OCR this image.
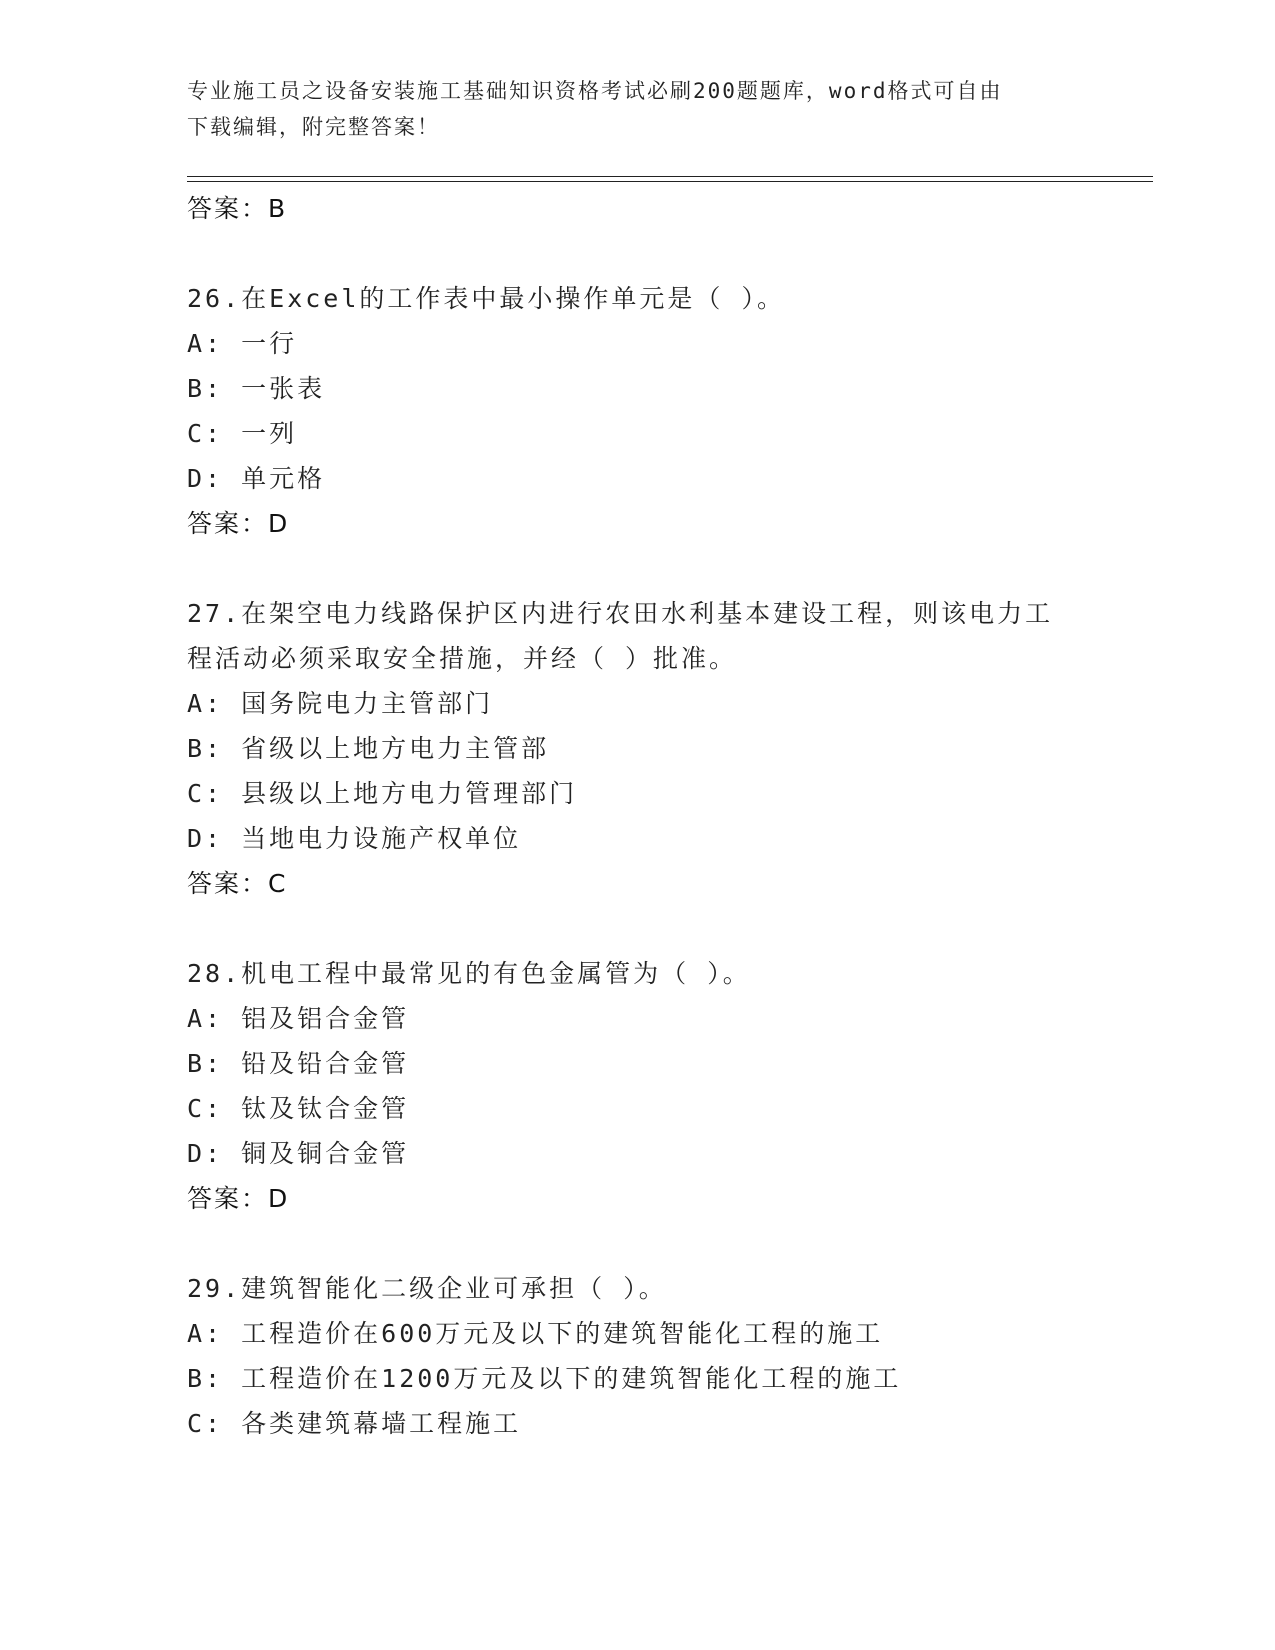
专业施工员之设备安装施工基础知识资格考试必刷200题题库，word格式可自由
下载编辑，附完整答案！
答案：B
26.在Excel的工作表中最小操作单元是（ ）。
A: 一行
B: 一张表
C: 一列
D: 单元格
答案：D
27.在架空电力线路保护区内进行农田水利基本建设工程，则该电力工
程活动必须采取安全措施，并经（ ）批准。
A: 国务院电力主管部门
B: 省级以上地方电力主管部
C: 县级以上地方电力管理部门
D: 当地电力设施产权单位
答案：C
28.机电工程中最常见的有色金属管为（ ）。
A: 铝及铝合金管
B: 铅及铅合金管
C: 钛及钛合金管
D: 铜及铜合金管
答案：D
29.建筑智能化二级企业可承担（ ）。
A: 工程造价在600万元及以下的建筑智能化工程的施工
B: 工程造价在1200万元及以下的建筑智能化工程的施工
C: 各类建筑幕墙工程施工
